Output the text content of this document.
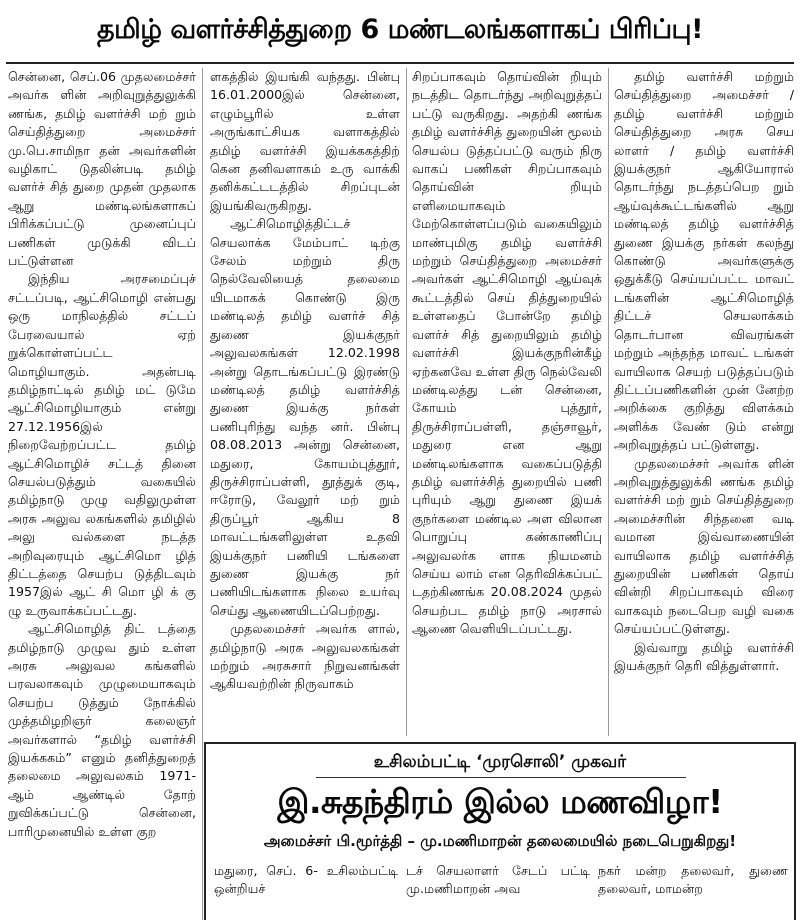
தமிழ் வளர்ச்சித்துறை 6 மண்டலங்களாகப் பிரிப்பு!

சென்னை, செப்.06 முதலமைச்சர் அவர்க ளின் அறிவுறுத்துலுக்கி ணங்க, தமிழ் வளர்ச்சி மற் றும் செய்தித்துறை அமைச்சர் மு.பெ.சாமிநா தன் அவர்களின் வழிகாட் டுதலின்படி தமிழ் வளர்ச் சித் துறை முதன் முதலாக ஆறு மண்டிலங்களாகப் பிரிக்கப்பட்டு முனைப்புப் பணிகள் முடுக்கி விடப் பட்டுள்ளன

இந்திய அரசமைப்புச் சட்டப்படி, ஆட்சிமொழி என்பது ஒரு மாநிலத்தில் சட்டப் பேரவையால் ஏற் றுக்கொள்ளப்பட்ட மொழியாகும். அதன்படி தமிழ்நாட்டில் தமிழ் மட் டுமே ஆட்சிமொழியாகும் என்று 27.12.1956இல் நிறைவேற்றப்பட்ட தமிழ் ஆட்சிமொழிச் சட்டத் தினை செயல்படுத்தும் வகையில் தமிழ்நாடு முழு வதிலுமுள்ள அரசு அலுவ லகங்களில் தமிழில் அலு வல்களை நடத்த அறிவுரையும் ஆட்சிமொ ழித் திட்டத்தை செயற்ப டுத்திடவும் 1957இல் ஆட் சி மொ ழி க் கு ழு உருவாக்கப்பட்டது.

ஆட்சிமொழித் திட் டத்தை தமிழ்நாடு முழுவ தும் உள்ள அரசு அலுவல கங்களில் பரவலாகவும் முழுமையாகவும் செயற்ப டுத்தும் நோக்கில் முத்தமிழறிஞர் கலைஞர் அவர்களால் “தமிழ் வளர்ச்சி இயக்ககம்” எனும் தனித்துறைத் தலைமை அலுவலகம் 1971-ஆம் ஆண்டில் தோற் றுவிக்கப்பட்டு சென்னை, பாரிமுனையில் உள்ள குற

ளகத்தில் இயங்கி வந்தது. பின்பு 16.01.2000இல் சென்னை, எழும்பூரில் உள்ள அருங்காட்சியக வளாகத்தில் தமிழ் வளர்ச்சி இயக்ககத்திற் கென தனிவளாகம் உரு வாக்கி தனிக்கட்டடத்தில் சிறப்புடன் இயங்கிவருகிறது.

ஆட்சிமொழித்திட்டச் செயலாக்க மேம்பாட் டிற்கு சேலம் மற்றும் திரு நெல்வேலியைத் தலைமை யிடமாகக் கொண்டு இரு மண்டிலத் தமிழ் வளர்ச் சித் துணை இயக்குநர் அலுவலகங்கள் 12.02.1998 அன்று தொடங்கப்பட்டு இரண்டு மண்டிலத் தமிழ் வளர்ச்சித் துணை இயக்கு நர்கள் பணிபுரிந்து வந்த னர். பின்பு 08.08.2013 அன்று சென்னை, மதுரை, கோயம்புத்தூர், திருச்சிராப்பள்ளி, தூத்துக் குடி, ஈரோடு, வேலூர் மற் றும் திருப்பூர் ஆகிய 8 மாவட்டங்களிலுள்ள உதவி இயக்குநர் பணியி டங்களை துணை இயக்கு நர் பணியிடங்களாக நிலை உயர்வு செய்து ஆணையிடப்பெற்றது.

முதலமைச்சர் அவர்க ளால், தமிழ்நாடு அரசு அலுவலகங்கள் மற்றும் அரசுசார் நிறுவனங்கள் ஆகியவற்றின் நிருவாகம்

சிறப்பாகவும் தொய்வின் றியும் நடத்திட தொடர்ந்து அறிவுறுத்தப் பட்டு வருகிறது. அதற்கி ணங்க தமிழ் வளர்ச்சித் துறையின் மூலம் செயல்ப டுத்தப்பட்டு வரும் நிரு வாகப் பணிகள் சிறப்பாகவும் தொய்வின் றியும் எளிமையாகவும் மேற்கொள்ளப்படும் வகையிலும் மாண்புமிகு தமிழ் வளர்ச்சி மற்றும் செய்தித்துறை அமைச்சர் அவர்கள் ஆட்சிமொழி ஆய்வுக் கூட்டத்தில் செய் தித்துறையில் உள்ளதைப் போன்றே தமிழ் வளர்ச் சித் துறையிலும் தமிழ் வளர்ச்சி இயக்குநரின்கீழ் ஏற்கனவே உள்ள திரு நெல்வேலி மண்டிலத்து டன் சென்னை, கோயம் புத்தூர், திருச்சிராப்பள்ளி, தஞ்சாவூர், மதுரை என ஆறு மண்டிலங்களாக வகைப்படுத்தி தமிழ் வளர்ச்சித் துறையில் பணி புரியும் ஆறு துணை இயக் குநர்களை மண்டில அள விலான பொறுப்பு கண்காணிப்பு அலுவலர்க ளாக நியமனம் செய்ய லாம் என தெரிவிக்கப்பட் டதற்கிணங்க 20.08.2024 முதல் செயற்பட தமிழ் நாடு அரசால் ஆணை வெளியிடப்பட்டது.

தமிழ் வளர்ச்சி மற்றும் செய்தித்துறை அமைச்சர் / தமிழ் வளர்ச்சி மற்றும் செய்தித்துறை அரசு செய லாளர் / தமிழ் வளர்ச்சி இயக்குநர் ஆகியோரால் தொடர்ந்து நடத்தப்பெற றும் ஆய்வுக்கூட்டங்களில் ஆறு மண்டிலத் தமிழ் வளர்ச்சித் துணை இயக்கு நர்கள் கலந்து கொண்டு அவர்களுக்கு ஒதுக்கீடு செய்யப்பட்ட மாவட் டங்களின் ஆட்சிமொழித் திட்டச் செயலாக்கம் தொடர்பான விவரங்கள் மற்றும் அந்தந்த மாவட் டங்கள் வாயிலாக செயற் படுத்தப்படும் திட்டப்பணிகளின் முன் னேற்ற அறிக்கை குறித்து விளக்கம் அளிக்க வேண் டும் என்று அறிவுறுத்தப் பட்டுள்ளது.

முதலமைச்சர் அவர்க ளின் அறிவுறுத்துலுக்கி ணங்க தமிழ் வளர்ச்சி மற் றும் செய்தித்துறை அமைச்சரின் சிந்தனை வடி வமான இவ்வாணையின் வாயிலாக தமிழ் வளர்ச்சித் துறையின் பணிகள் தொய் வின்றி சிறப்பாகவும் விரை வாகவும் நடைபெற வழி வகை செய்யப்பட்டுள்ளது.

இவ்வாறு தமிழ் வளர்ச்சி இயக்குநர் தெரி வித்துள்ளார்.

உசிலம்பட்டி ‘முரசொலி’ முகவர்
இ.சுதந்திரம் இல்ல மணவிழா!
அமைச்சர் பி.மூர்த்தி – மு.மணிமாறன் தலைமையில் நடைபெறுகிறது!
மதுரை, செப். 6- உசிலம்பட்டி ஒன்றியச்
டச் செயலாளர் சேடப் பட்டி மு.மணிமாறன் அவ
நகர் மன்ற தலைவர், துணை தலைவர், மாமன்ற
